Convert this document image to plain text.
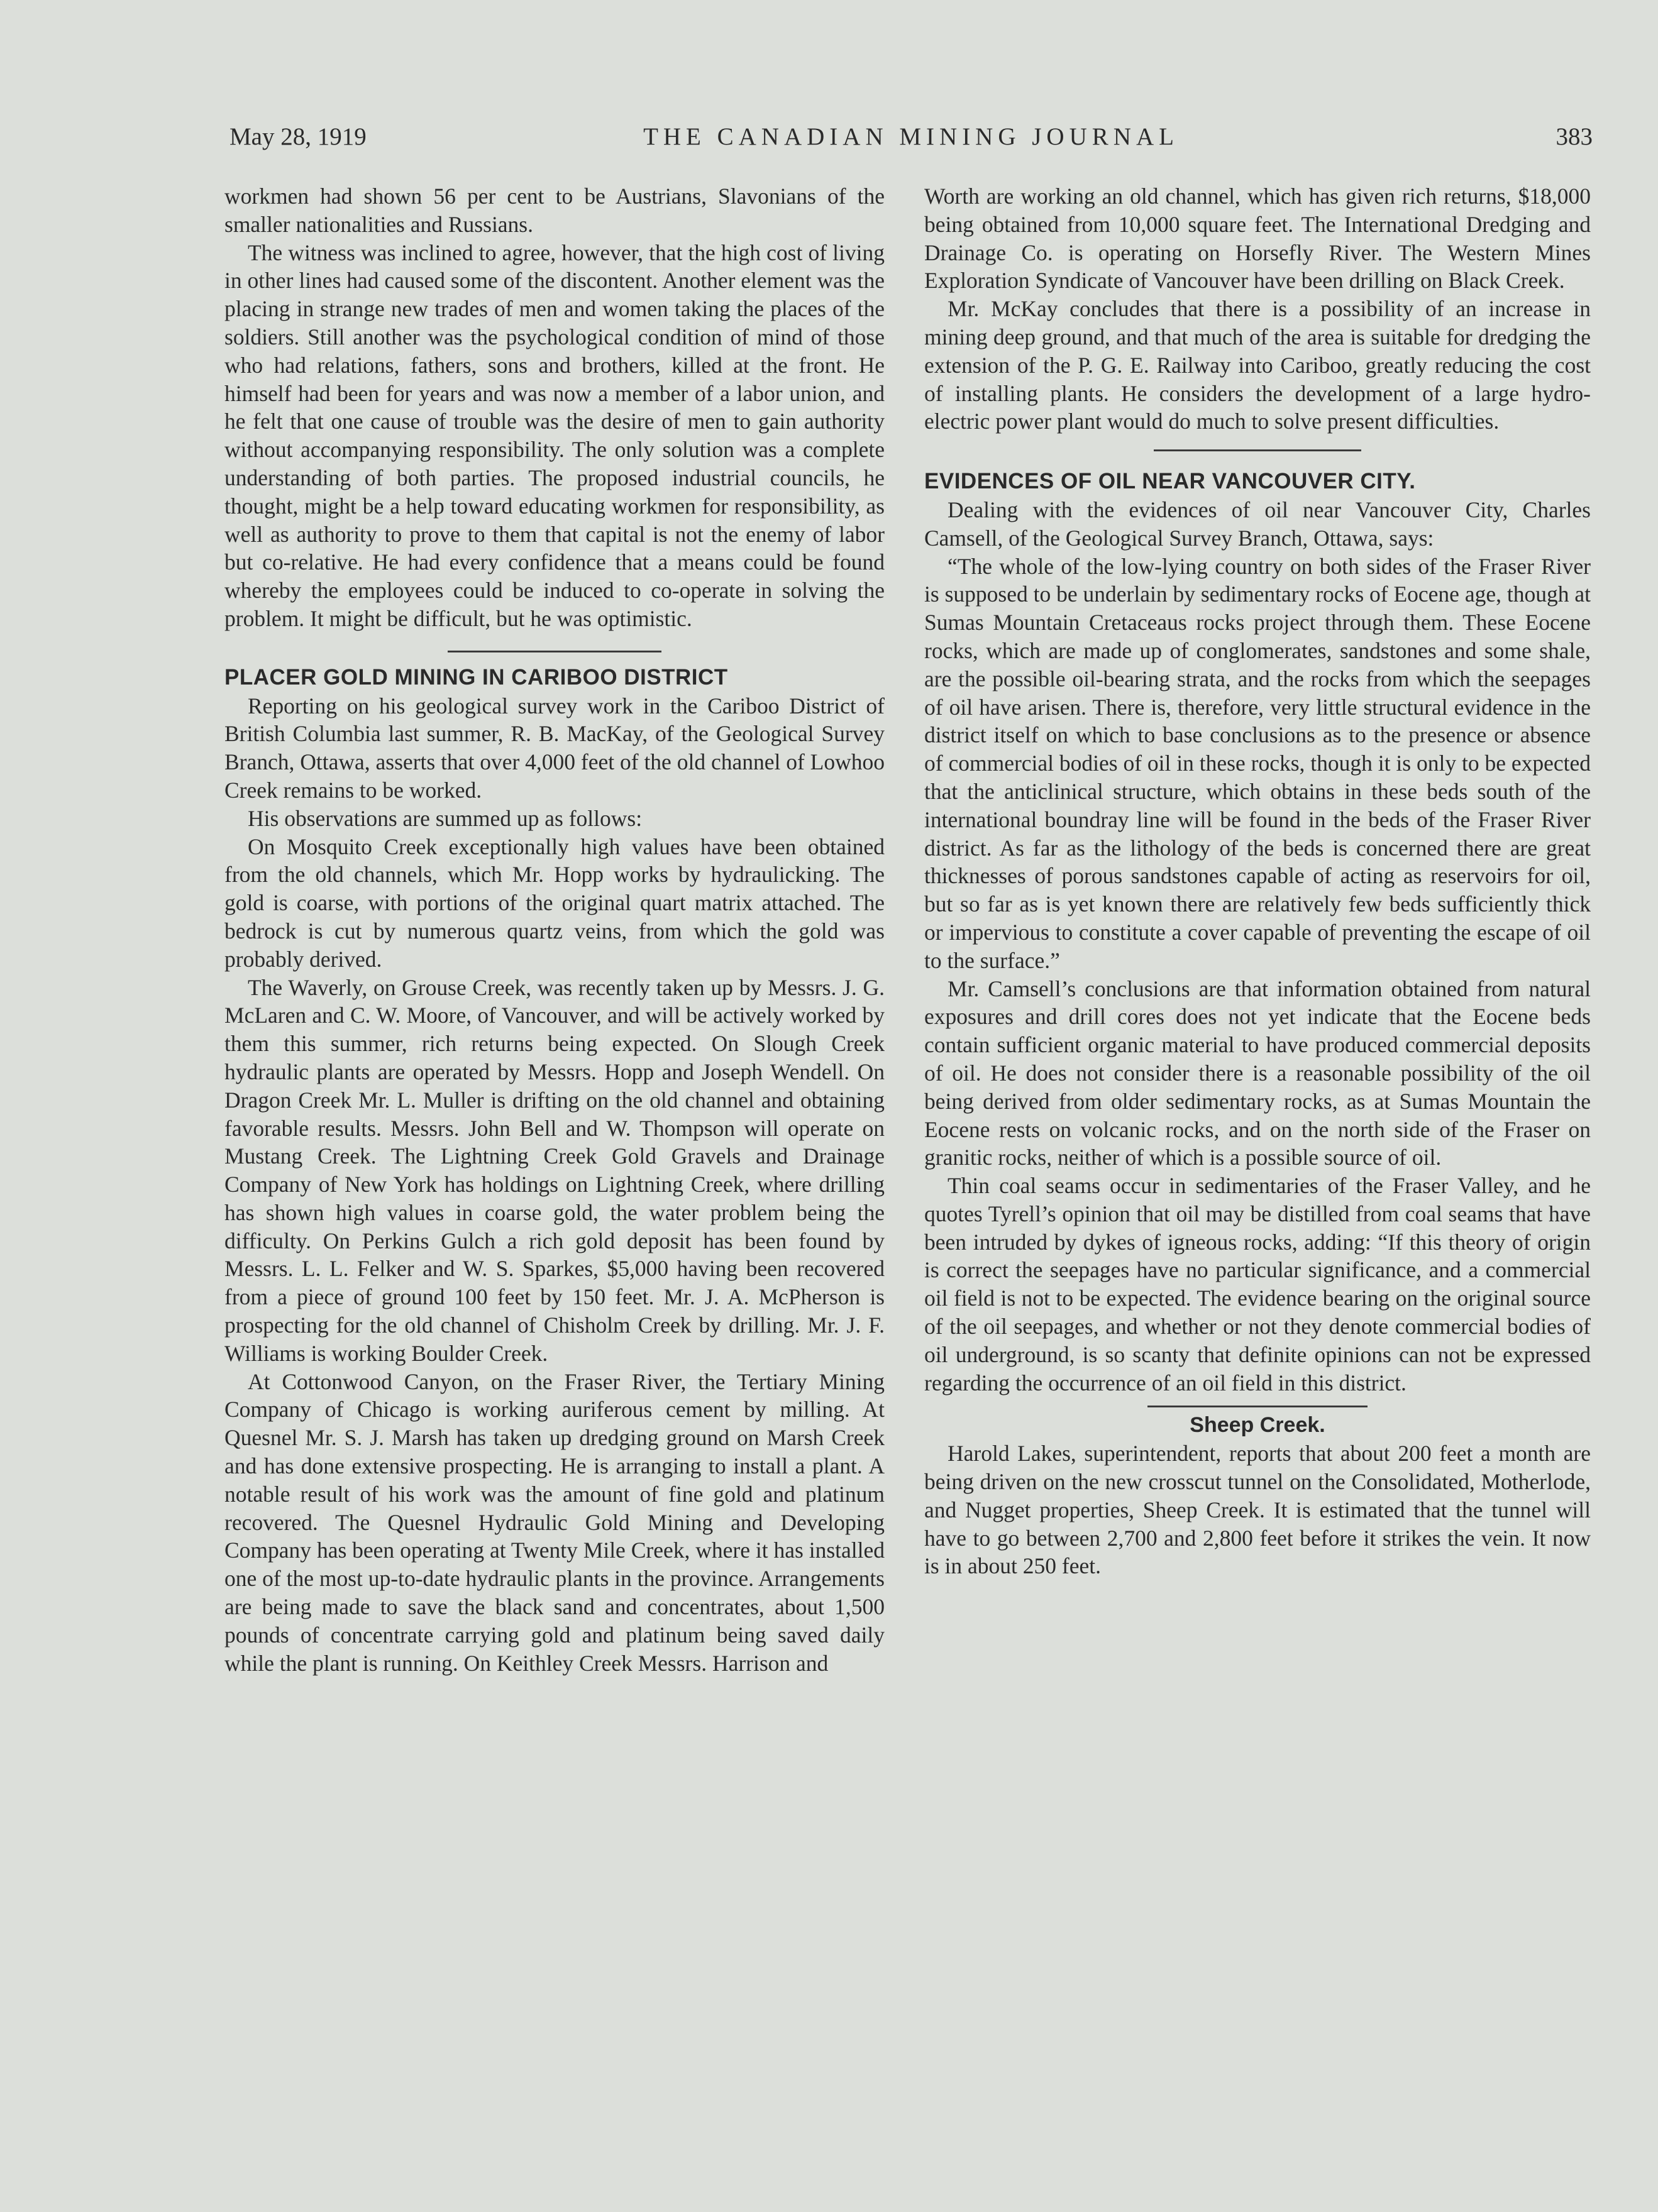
THE CANADIAN MINING JOURNAL
May 28, 1919	383

workmen had shown 56 per cent to be Austrians, Slavonians of the smaller nationalities and Russians.

The witness was inclined to agree, however, that the high cost of living in other lines had caused some of the discontent. Another element was the placing in strange new trades of men and women taking the places of the soldiers. Still another was the psychological condition of mind of those who had relations, fathers, sons and brothers, killed at the front. He himself had been for years and was now a member of a labor union, and he felt that one cause of trouble was the desire of men to gain authority without accompanying responsibility. The only solution was a complete understanding of both parties. The proposed industrial councils, he thought, might be a help toward educating workmen for responsibility, as well as authority to prove to them that capital is not the enemy of labor but co-relative. He had every confidence that a means could be found whereby the employees could be induced to co-operate in solving the problem. It might be difficult, but he was optimistic.

PLACER GOLD MINING IN CARIBOO DISTRICT

Reporting on his geological survey work in the Cariboo District of British Columbia last summer, R. B. MacKay, of the Geological Survey Branch, Ottawa, asserts that over 4,000 feet of the old channel of Lowhoo Creek remains to be worked.

His observations are summed up as follows:

On Mosquito Creek exceptionally high values have been obtained from the old channels, which Mr. Hopp works by hydraulicking. The gold is coarse, with portions of the original quart matrix attached. The bedrock is cut by numerous quartz veins, from which the gold was probably derived.

The Waverly, on Grouse Creek, was recently taken up by Messrs. J. G. McLaren and C. W. Moore, of Vancouver, and will be actively worked by them this summer, rich returns being expected. On Slough Creek hydraulic plants are operated by Messrs. Hopp and Joseph Wendell. On Dragon Creek Mr. L. Muller is drifting on the old channel and obtaining favorable results. Messrs. John Bell and W. Thompson will operate on Mustang Creek. The Lightning Creek Gold Gravels and Drainage Company of New York has holdings on Lightning Creek, where drilling has shown high values in coarse gold, the water problem being the difficulty. On Perkins Gulch a rich gold deposit has been found by Messrs. L. L. Felker and W. S. Sparkes, $5,000 having been recovered from a piece of ground 100 feet by 150 feet. Mr. J. A. McPherson is prospecting for the old channel of Chisholm Creek by drilling. Mr. J. F. Williams is working Boulder Creek.

At Cottonwood Canyon, on the Fraser River, the Tertiary Mining Company of Chicago is working auriferous cement by milling. At Quesnel Mr. S. J. Marsh has taken up dredging ground on Marsh Creek and has done extensive prospecting. He is arranging to install a plant. A notable result of his work was the amount of fine gold and platinum recovered. The Quesnel Hydraulic Gold Mining and Developing Company has been operating at Twenty Mile Creek, where it has installed one of the most up-to-date hydraulic plants in the province. Arrangements are being made to save the black sand and concentrates, about 1,500 pounds of concentrate carrying gold and platinum being saved daily while the plant is running. On Keithley Creek Messrs. Harrison and

Worth are working an old channel, which has given rich returns, $18,000 being obtained from 10,000 square feet. The International Dredging and Drainage Co. is operating on Horsefly River. The Western Mines Exploration Syndicate of Vancouver have been drilling on Black Creek.

Mr. McKay concludes that there is a possibility of an increase in mining deep ground, and that much of the area is suitable for dredging the extension of the P. G. E. Railway into Cariboo, greatly reducing the cost of installing plants. He considers the development of a large hydro-electric power plant would do much to solve present difficulties.

EVIDENCES OF OIL NEAR VANCOUVER CITY.

Dealing with the evidences of oil near Vancouver City, Charles Camsell, of the Geological Survey Branch, Ottawa, says:

“The whole of the low-lying country on both sides of the Fraser River is supposed to be underlain by sedimentary rocks of Eocene age, though at Sumas Mountain Cretaceaus rocks project through them. These Eocene rocks, which are made up of conglomerates, sandstones and some shale, are the possible oil-bearing strata, and the rocks from which the seepages of oil have arisen. There is, therefore, very little structural evidence in the district itself on which to base conclusions as to the presence or absence of commercial bodies of oil in these rocks, though it is only to be expected that the anticlinical structure, which obtains in these beds south of the international boundray line will be found in the beds of the Fraser River district. As far as the lithology of the beds is concerned there are great thicknesses of porous sandstones capable of acting as reservoirs for oil, but so far as is yet known there are relatively few beds sufficiently thick or impervious to constitute a cover capable of preventing the escape of oil to the surface.”

Mr. Camsell’s conclusions are that information obtained from natural exposures and drill cores does not yet indicate that the Eocene beds contain sufficient organic material to have produced commercial deposits of oil. He does not consider there is a reasonable possibility of the oil being derived from older sedimentary rocks, as at Sumas Mountain the Eocene rests on volcanic rocks, and on the north side of the Fraser on granitic rocks, neither of which is a possible source of oil.

Thin coal seams occur in sedimentaries of the Fraser Valley, and he quotes Tyrell’s opinion that oil may be distilled from coal seams that have been intruded by dykes of igneous rocks, adding: “If this theory of origin is correct the seepages have no particular significance, and a commercial oil field is not to be expected. The evidence bearing on the original source of the oil seepages, and whether or not they denote commercial bodies of oil underground, is so scanty that definite opinions can not be expressed regarding the occurrence of an oil field in this district.

Sheep Creek.

Harold Lakes, superintendent, reports that about 200 feet a month are being driven on the new crosscut tunnel on the Consolidated, Motherlode, and Nugget properties, Sheep Creek. It is estimated that the tunnel will have to go between 2,700 and 2,800 feet before it strikes the vein. It now is in about 250 feet.
